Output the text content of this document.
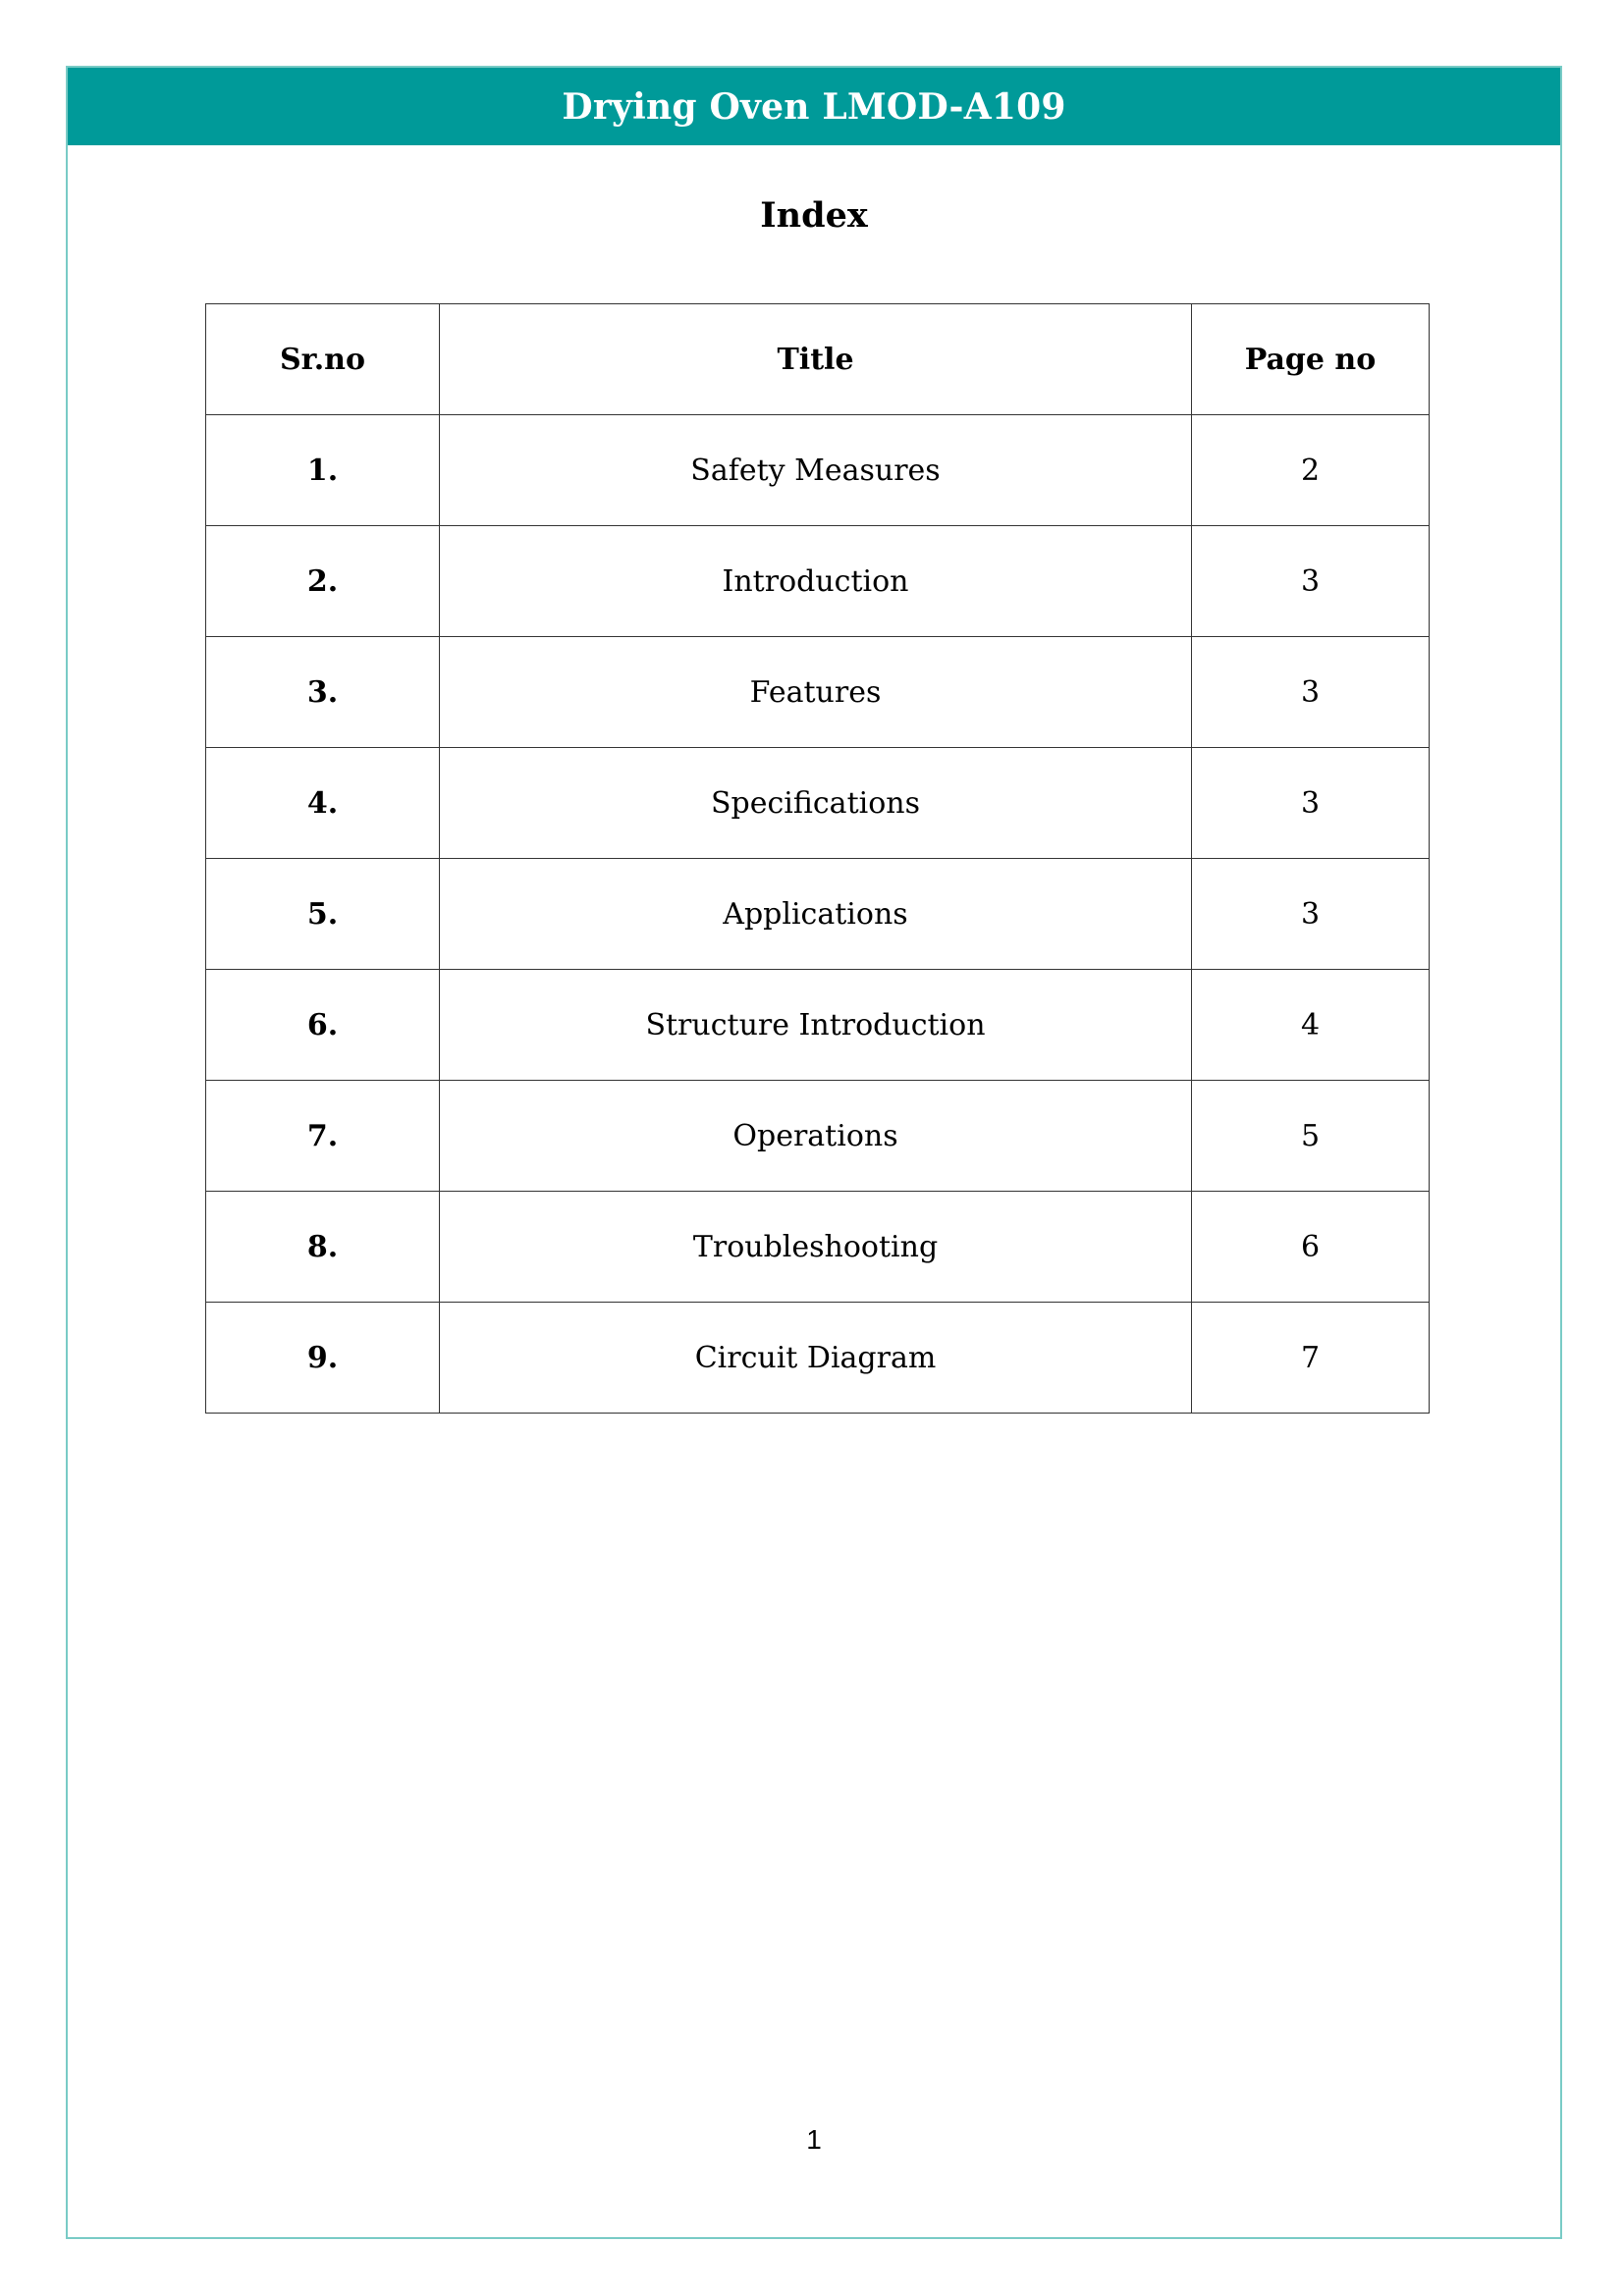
Drying Oven LMOD-A109
Index
Sr.no	Title	Page no
1.	Safety Measures	2
2.	Introduction	3
3.	Features	3
4.	Specifications	3
5.	Applications	3
6.	Structure Introduction	4
7.	Operations	5
8.	Troubleshooting	6
9.	Circuit Diagram	7
1
